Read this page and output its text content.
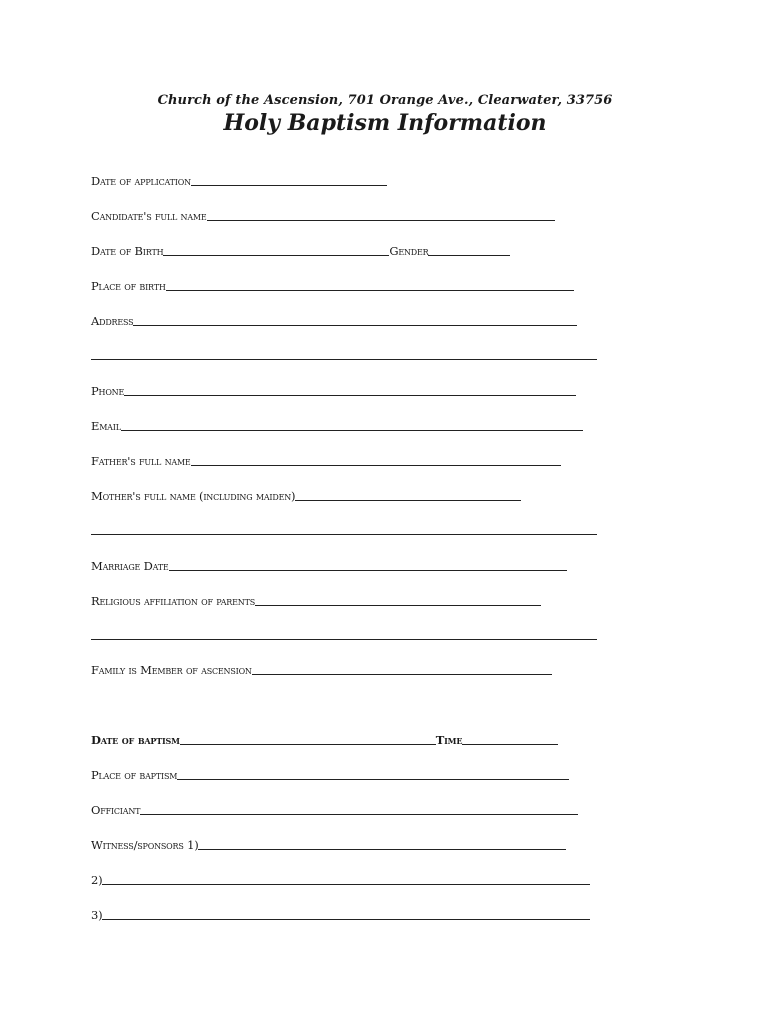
Church of the Ascension, 701 Orange Ave., Clearwater, 33756
Holy Baptism Information
Date of application
Candidate's full name
Date of Birth	Gender
Place of birth
Address
Phone
Email
Father's full name
Mother's full name (including maiden)
Marriage Date
Religious affiliation of parents
Family is Member of ascension
Date of baptism	Time
Place of baptism
Officiant
Witness/sponsors 1)
2)
3)
